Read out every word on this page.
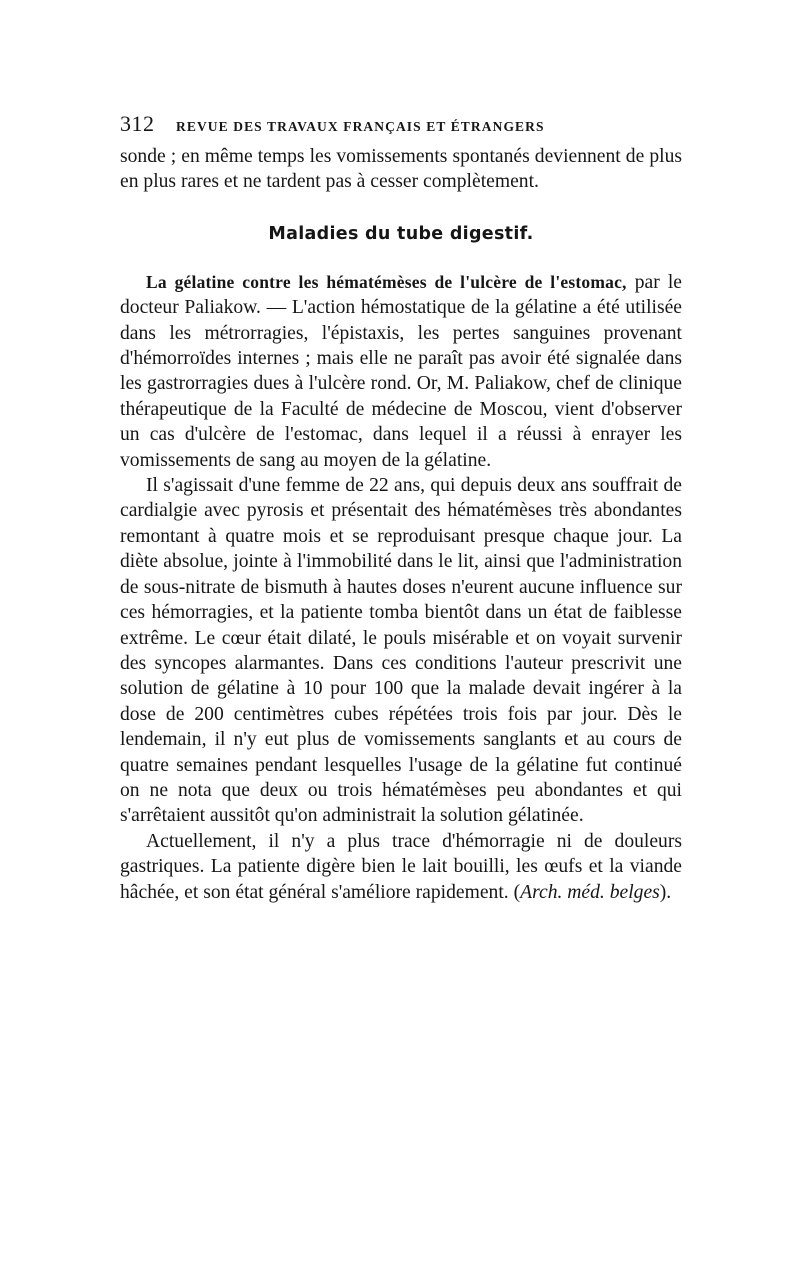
312	REVUE DES TRAVAUX FRANÇAIS ET ÉTRANGERS

sonde ; en même temps les vomissements spontanés deviennent de plus en plus rares et ne tardent pas à cesser complètement.

Maladies du tube digestif.

La gélatine contre les hématémèses de l'ulcère de l'estomac, par le docteur Paliakow. — L'action hémostatique de la gélatine a été utilisée dans les métrorragies, l'épistaxis, les pertes sanguines provenant d'hémorroïdes internes ; mais elle ne paraît pas avoir été signalée dans les gastrorragies dues à l'ulcère rond. Or, M. Paliakow, chef de clinique thérapeutique de la Faculté de médecine de Moscou, vient d'observer un cas d'ulcère de l'estomac, dans lequel il a réussi à enrayer les vomissements de sang au moyen de la gélatine.

Il s'agissait d'une femme de 22 ans, qui depuis deux ans souffrait de cardialgie avec pyrosis et présentait des hématémèses très abondantes remontant à quatre mois et se reproduisant presque chaque jour. La diète absolue, jointe à l'immobilité dans le lit, ainsi que l'administration de sous-nitrate de bismuth à hautes doses n'eurent aucune influence sur ces hémorragies, et la patiente tomba bientôt dans un état de faiblesse extrême. Le cœur était dilaté, le pouls misérable et on voyait survenir des syncopes alarmantes. Dans ces conditions l'auteur prescrivit une solution de gélatine à 10 pour 100 que la malade devait ingérer à la dose de 200 centimètres cubes répétées trois fois par jour. Dès le lendemain, il n'y eut plus de vomissements sanglants et au cours de quatre semaines pendant lesquelles l'usage de la gélatine fut continué on ne nota que deux ou trois hématémèses peu abondantes et qui s'arrêtaient aussitôt qu'on administrait la solution gélatinée.

Actuellement, il n'y a plus trace d'hémorragie ni de douleurs gastriques. La patiente digère bien le lait bouilli, les œufs et la viande hâchée, et son état général s'améliore rapidement. (Arch. méd. belges).
